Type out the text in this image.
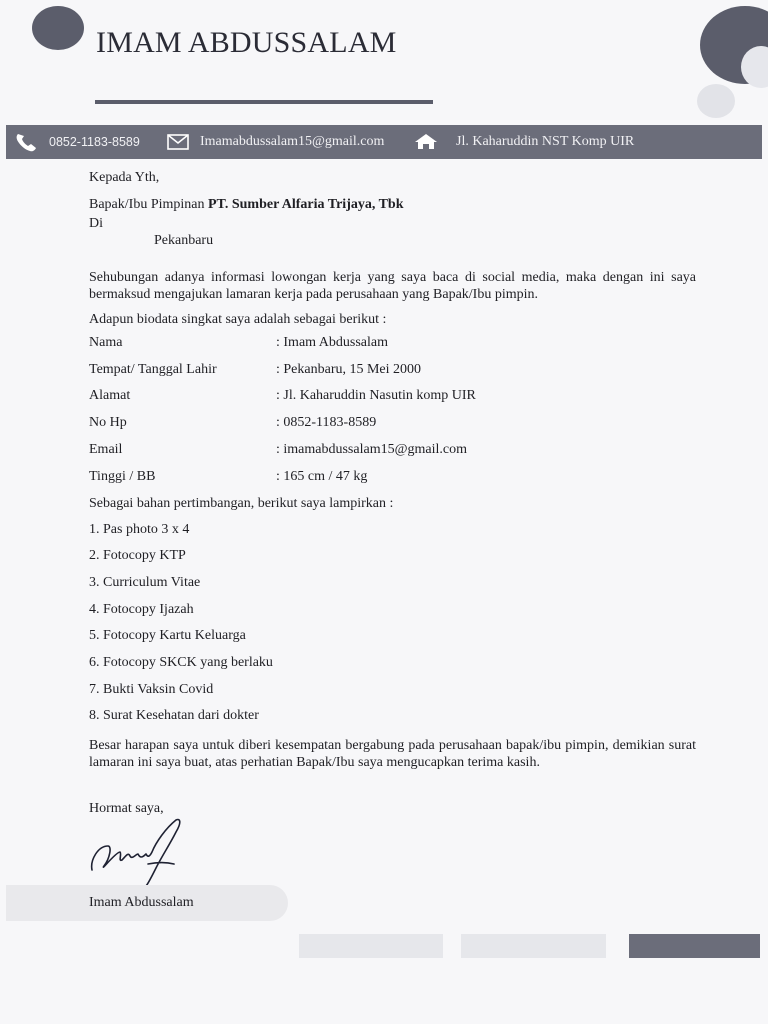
IMAM ABDUSSALAM
0852-1183-8589	Imamabdussalam15@gmail.com	Jl. Kaharuddin NST Komp UIR
Kepada Yth,
Bapak/Ibu Pimpinan PT. Sumber Alfaria Trijaya, Tbk
Di
Pekanbaru
Sehubungan adanya informasi lowongan kerja yang saya baca di social media, maka dengan ini saya bermaksud mengajukan lamaran kerja pada perusahaan yang Bapak/Ibu pimpin.
Adapun biodata singkat saya adalah sebagai berikut :
Nama	: Imam Abdussalam
Tempat/ Tanggal Lahir	: Pekanbaru, 15 Mei 2000
Alamat	: Jl. Kaharuddin Nasutin komp UIR
No Hp	: 0852-1183-8589
Email	: imamabdussalam15@gmail.com
Tinggi / BB	: 165 cm / 47 kg
Sebagai bahan pertimbangan, berikut saya lampirkan :
1. Pas photo 3 x 4
2. Fotocopy KTP
3. Curriculum Vitae
4. Fotocopy Ijazah
5. Fotocopy Kartu Keluarga
6. Fotocopy SKCK yang berlaku
7. Bukti Vaksin Covid
8. Surat Kesehatan dari dokter
Besar harapan saya untuk diberi kesempatan bergabung pada perusahaan bapak/ibu pimpin, demikian surat lamaran ini saya buat, atas perhatian Bapak/Ibu saya mengucapkan terima kasih.
Hormat saya,
Imam Abdussalam
